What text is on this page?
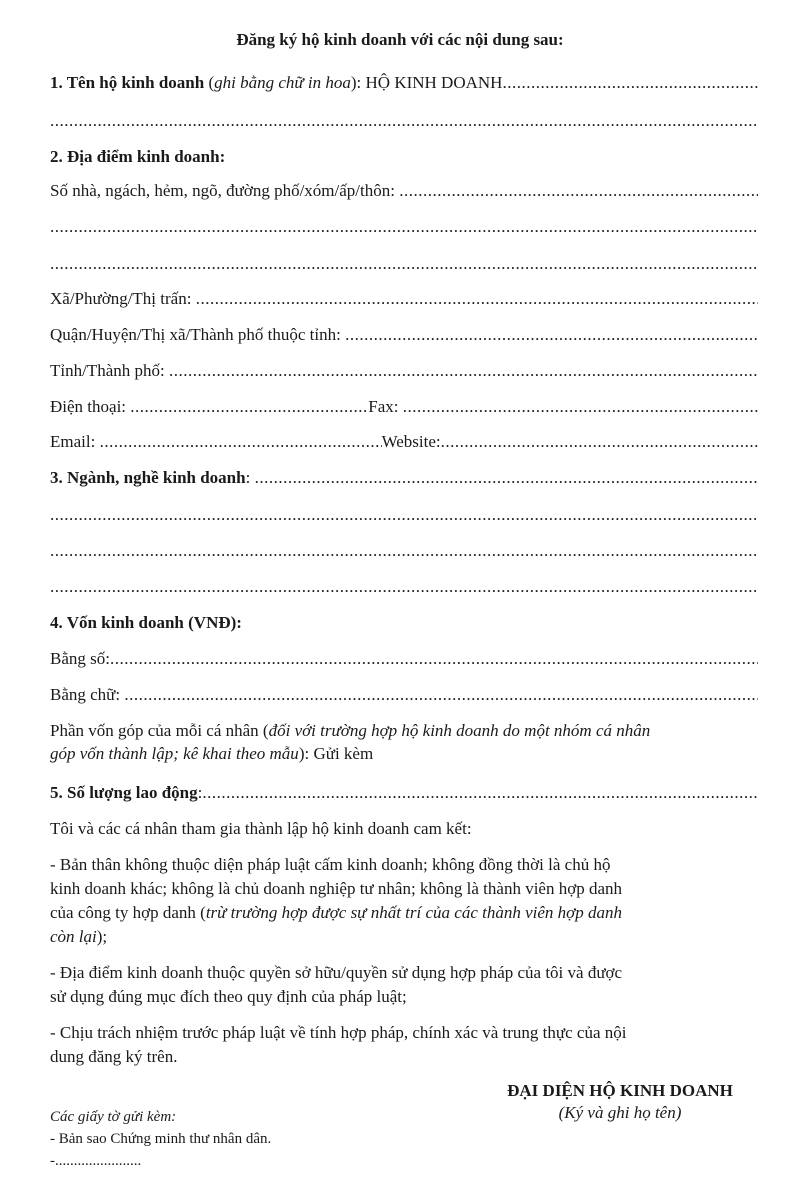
Đăng ký hộ kinh doanh với các nội dung sau:
1. Tên hộ kinh doanh ( ghi bằng chữ in hoa ): HỘ KINH DOANH
.....
.....
2. Địa điểm kinh doanh:
Số nhà, ngách, hẻm, ngõ, đường phố/xóm/ấp/thôn:

.....
.....
.....
Xã/Phường/Thị trấn:

.....
Quận/Huyện/Thị xã/Thành phố thuộc tỉnh:

.....
Tỉnh/Thành phố:

.....
Điện thoại:
.....	Fax:

.....
Email:
.....	Website:
.....
3. Ngành, nghề kinh doanh :
.....
.....
.....
.....
4. Vốn kinh doanh (VNĐ):
Bằng số:
.....
Bằng chữ:

.....
Phần vốn góp của mỗi cá nhân (đối với trường hợp hộ kinh doanh do một nhóm cá nhân
góp vốn thành lập; kê khai theo mẫu): Gửi kèm
5. Số lượng lao động :
.....
Tôi và các cá nhân tham gia thành lập hộ kinh doanh cam kết:
- Bản thân không thuộc diện pháp luật cấm kinh doanh; không đồng thời là chủ hộ
kinh doanh khác; không là chủ doanh nghiệp tư nhân; không là thành viên hợp danh
của công ty hợp danh (trừ trường hợp được sự nhất trí của các thành viên hợp danh
còn lại);
- Địa điểm kinh doanh thuộc quyền sở hữu/quyền sử dụng hợp pháp của tôi và được
sử dụng đúng mục đích theo quy định của pháp luật;
- Chịu trách nhiệm trước pháp luật về tính hợp pháp, chính xác và trung thực của nội
dung đăng ký trên.
ĐẠI DIỆN HỘ KINH DOANH
(Ký và ghi họ tên)
Các giấy tờ gửi kèm:
- Bản sao Chứng minh thư nhân dân.
-.......................
